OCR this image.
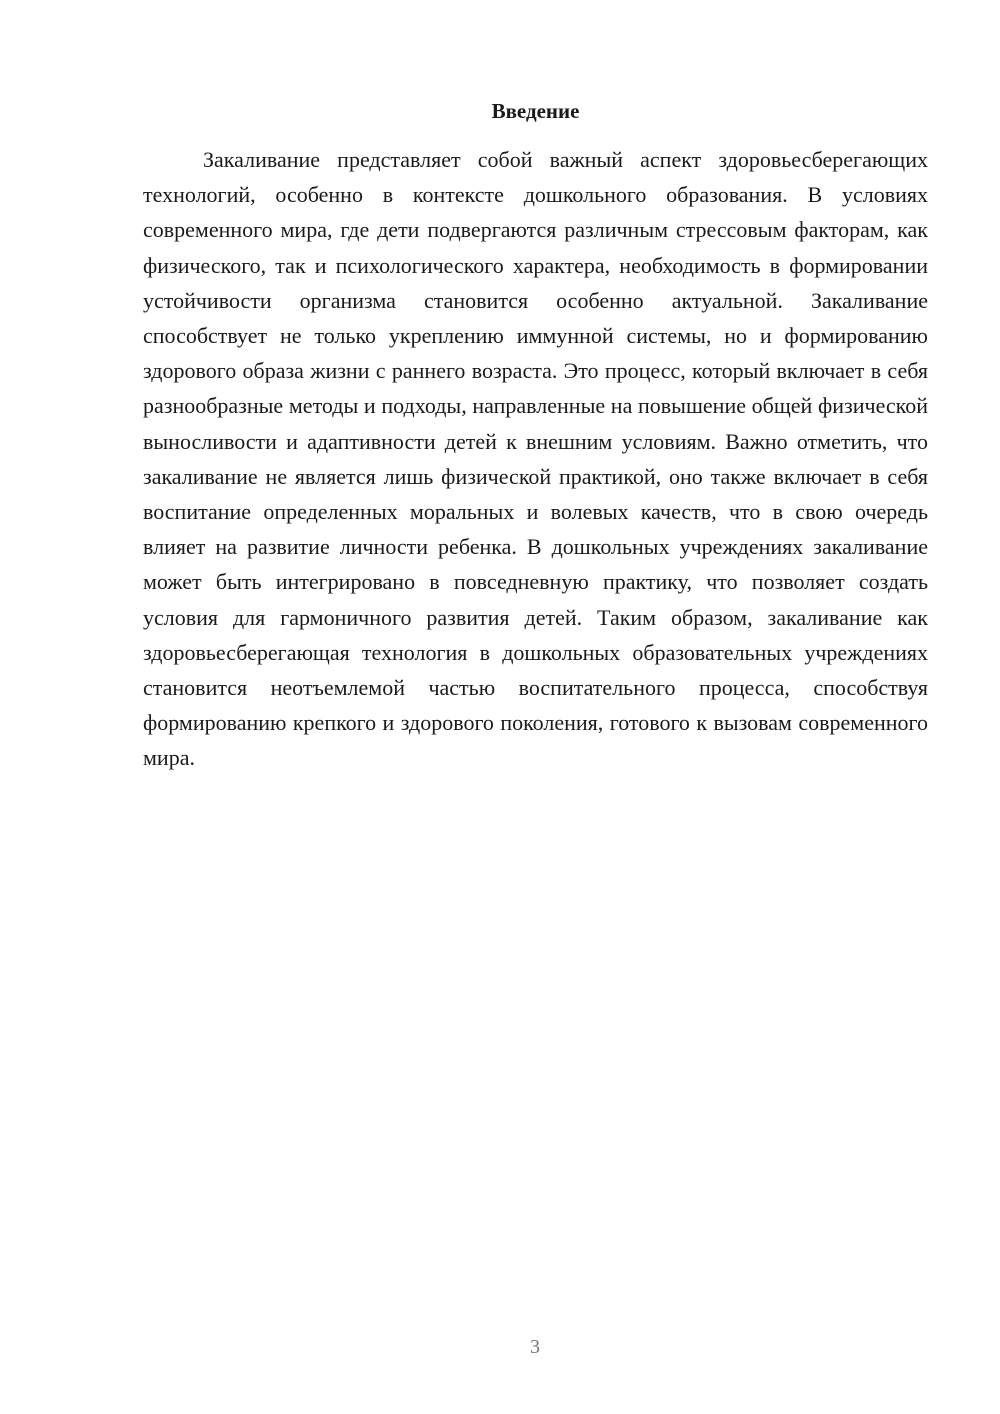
Введение

Закаливание представляет собой важный аспект здоровьесберегающих технологий, особенно в контексте дошкольного образования. В условиях современного мира, где дети подвергаются различным стрессовым факторам, как физического, так и психологического характера, необходимость в формировании устойчивости организма становится особенно актуальной. Закаливание способствует не только укреплению иммунной системы, но и формированию здорового образа жизни с раннего возраста. Это процесс, который включает в себя разнообразные методы и подходы, направленные на повышение общей физической выносливости и адаптивности детей к внешним условиям. Важно отметить, что закаливание не является лишь физической практикой, оно также включает в себя воспитание определенных моральных и волевых качеств, что в свою очередь влияет на развитие личности ребенка. В дошкольных учреждениях закаливание может быть интегрировано в повседневную практику, что позволяет создать условия для гармоничного развития детей. Таким образом, закаливание как здоровьесберегающая технология в дошкольных образовательных учреждениях становится неотъемлемой частью воспитательного процесса, способствуя формированию крепкого и здорового поколения, готового к вызовам современного мира.

3
